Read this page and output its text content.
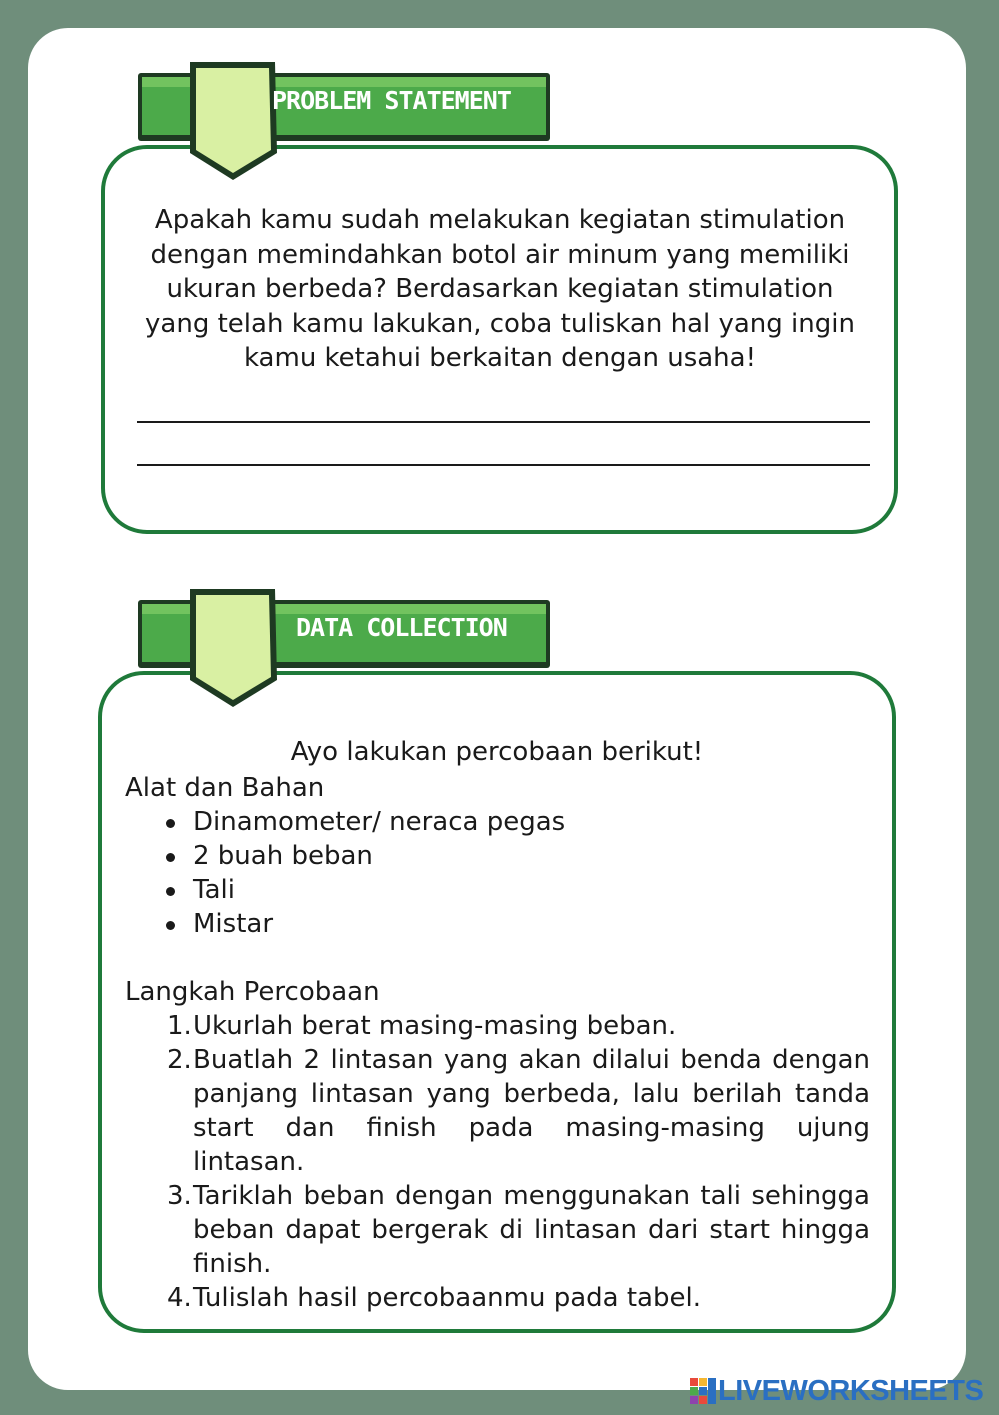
PROBLEM STATEMENT
Apakah kamu sudah melakukan kegiatan stimulation
dengan memindahkan botol air minum yang memiliki
ukuran berbeda? Berdasarkan kegiatan stimulation
yang telah kamu lakukan, coba tuliskan hal yang ingin
kamu ketahui berkaitan dengan usaha!
DATA COLLECTION
Ayo lakukan percobaan berikut!
Alat dan Bahan
Dinamometer/ neraca pegas
2 buah beban
Tali
Mistar
Langkah Percobaan
1. Ukurlah berat masing-masing beban.
2. Buatlah 2 lintasan yang akan dilalui benda dengan panjang lintasan yang berbeda, lalu berilah tanda start dan finish pada masing-masing ujung lintasan.
3. Tariklah beban dengan menggunakan tali sehingga beban dapat bergerak di lintasan dari start hingga finish.
4. Tulislah hasil percobaanmu pada tabel.
LIVEWORKSHEETS
